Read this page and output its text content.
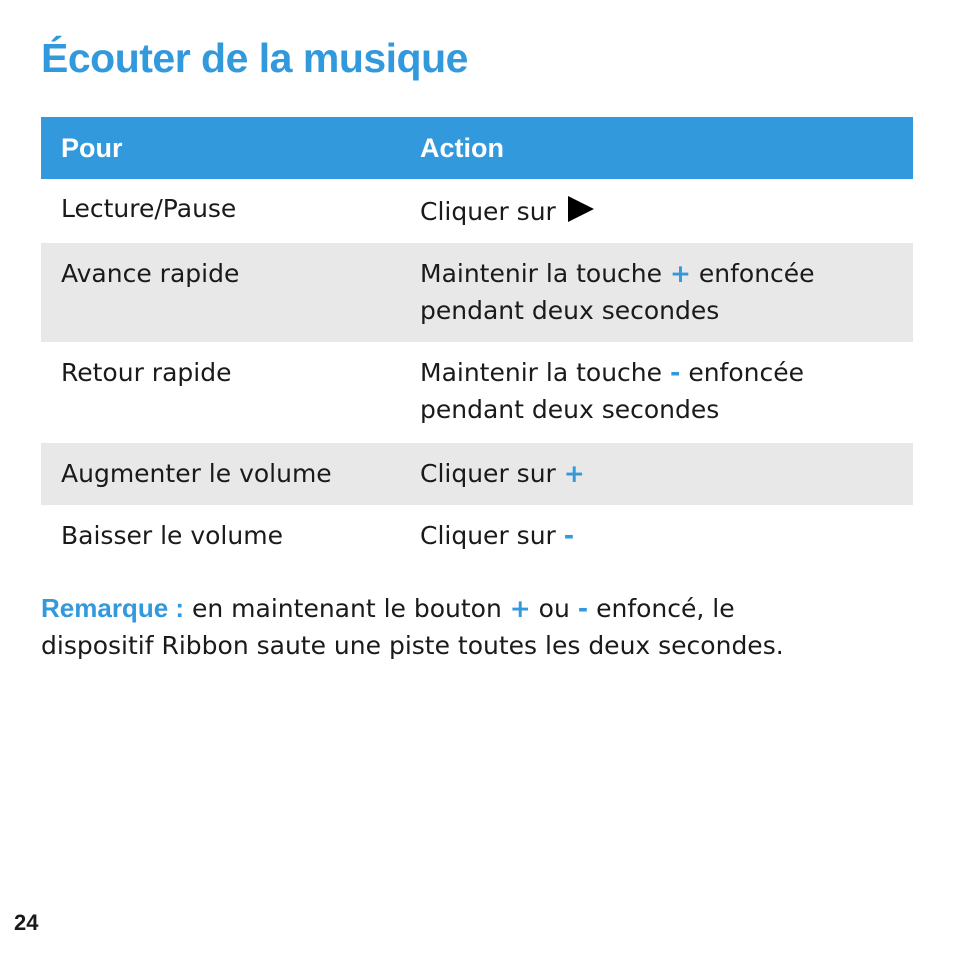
Écouter de la musique
Pour	Action
Lecture/Pause	Cliquer sur
Avance rapide	Maintenir la touche + enfoncée
pendant deux secondes
Retour rapide	Maintenir la touche - enfoncée
pendant deux secondes
Augmenter le volume	Cliquer sur +
Baisser le volume	Cliquer sur -

Remarque : en maintenant le bouton + ou - enfoncé, le
dispositif Ribbon saute une piste toutes les deux secondes.

24
